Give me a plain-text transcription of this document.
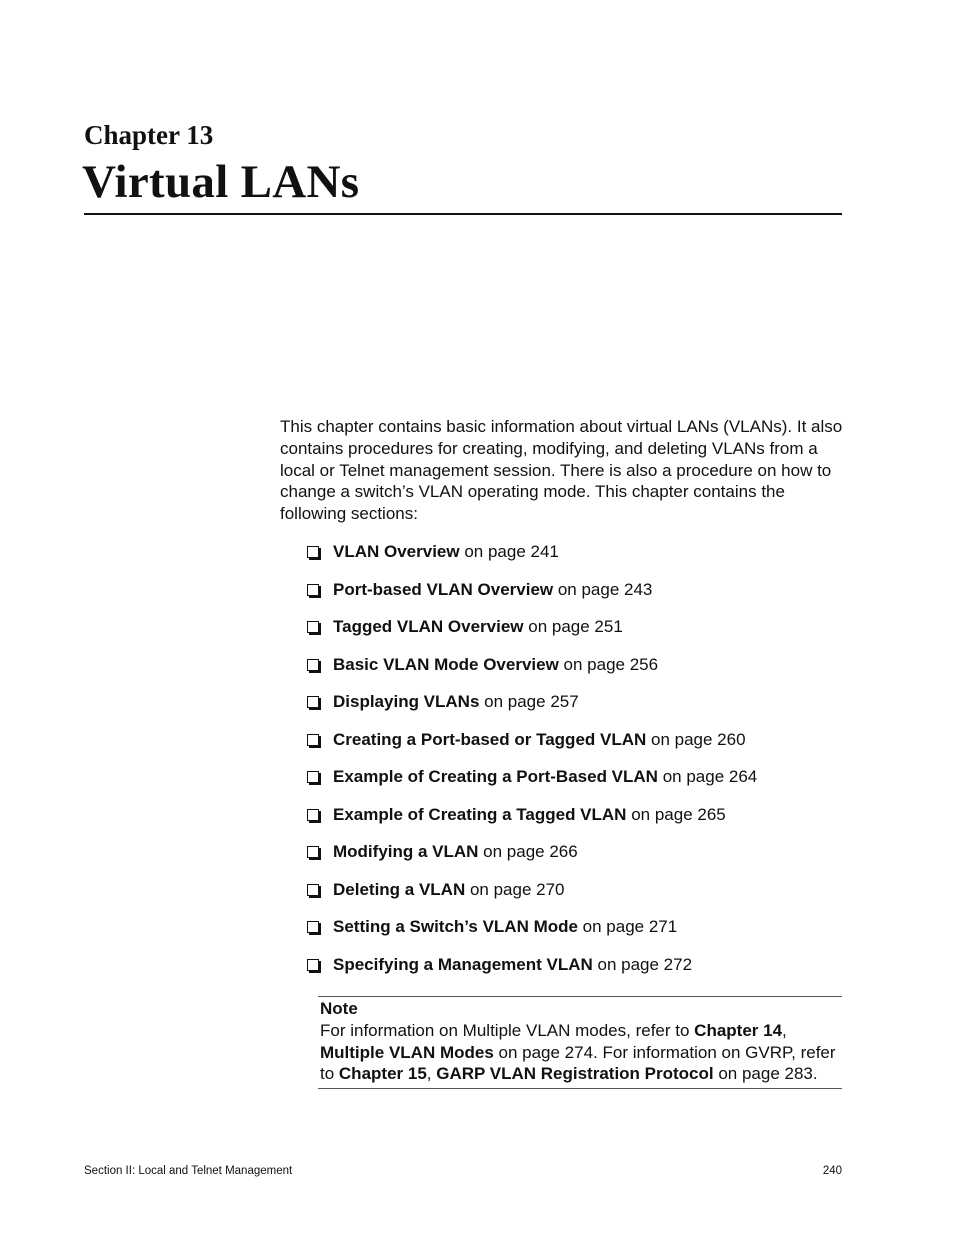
Chapter 13
Virtual LANs

This chapter contains basic information about virtual LANs (VLANs). It also contains procedures for creating, modifying, and deleting VLANs from a local or Telnet management session. There is also a procedure on how to change a switch’s VLAN operating mode. This chapter contains the following sections:

VLAN Overview on page 241
Port-based VLAN Overview on page 243
Tagged VLAN Overview on page 251
Basic VLAN Mode Overview on page 256
Displaying VLANs on page 257
Creating a Port-based or Tagged VLAN on page 260
Example of Creating a Port-Based VLAN on page 264
Example of Creating a Tagged VLAN on page 265
Modifying a VLAN on page 266
Deleting a VLAN on page 270
Setting a Switch’s VLAN Mode on page 271
Specifying a Management VLAN on page 272
Note

For information on Multiple VLAN modes, refer to Chapter 14, Multiple VLAN Modes on page 274. For information on GVRP, refer to Chapter 15, GARP VLAN Registration Protocol on page 283.

Section II: Local and Telnet Management	240
